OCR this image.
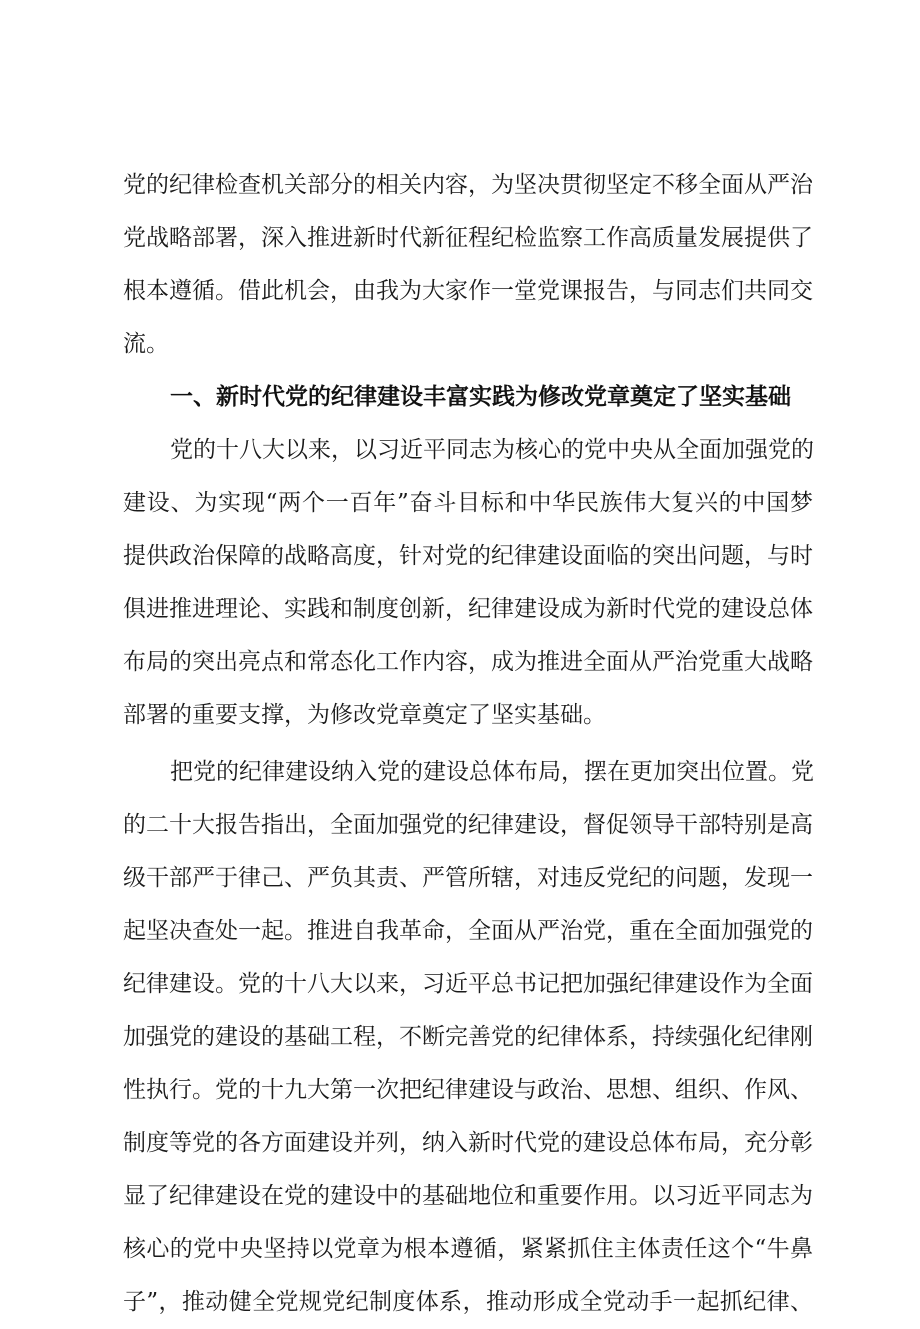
党的纪律检查机关部分的相关内容，为坚决贯彻坚定不移全面从严治
党战略部署，深入推进新时代新征程纪检监察工作高质量发展提供了
根本遵循。借此机会，由我为大家作一堂党课报告，与同志们共同交
流。
一、新时代党的纪律建设丰富实践为修改党章奠定了坚实基础
党的十八大以来，以习近平同志为核心的党中央从全面加强党的
建设、为实现“两个一百年”奋斗目标和中华民族伟大复兴的中国梦
提供政治保障的战略高度，针对党的纪律建设面临的突出问题，与时
俱进推进理论、实践和制度创新，纪律建设成为新时代党的建设总体
布局的突出亮点和常态化工作内容，成为推进全面从严治党重大战略
部署的重要支撑，为修改党章奠定了坚实基础。
把党的纪律建设纳入党的建设总体布局，摆在更加突出位置。党
的二十大报告指出，全面加强党的纪律建设，督促领导干部特别是高
级干部严于律己、严负其责、严管所辖，对违反党纪的问题，发现一
起坚决查处一起。推进自我革命，全面从严治党，重在全面加强党的
纪律建设。党的十八大以来，习近平总书记把加强纪律建设作为全面
加强党的建设的基础工程，不断完善党的纪律体系，持续强化纪律刚
性执行。党的十九大第一次把纪律建设与政治、思想、组织、作风、
制度等党的各方面建设并列，纳入新时代党的建设总体布局，充分彰
显了纪律建设在党的建设中的基础地位和重要作用。以习近平同志为
核心的党中央坚持以党章为根本遵循，紧紧抓住主体责任这个“牛鼻
子”，推动健全党规党纪制度体系，推动形成全党动手一起抓纪律、
